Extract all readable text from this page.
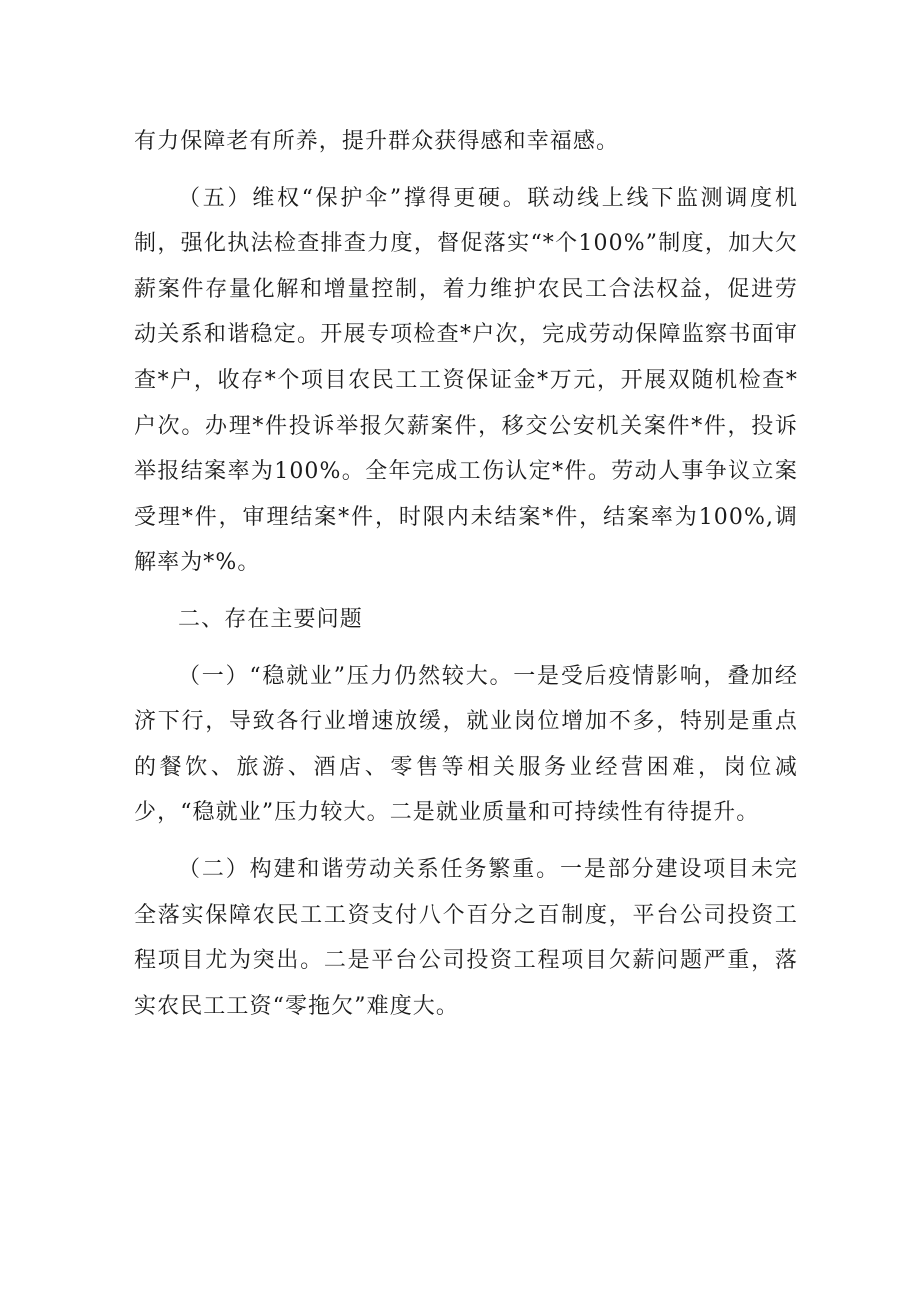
有力保障老有所养，提升群众获得感和幸福感。

（五）维权“保护伞”撑得更硬。联动线上线下监测调度机制，强化执法检查排查力度，督促落实“*个100%”制度，加大欠薪案件存量化解和增量控制，着力维护农民工合法权益，促进劳动关系和谐稳定。开展专项检查*户次，完成劳动保障监察书面审查*户，收存*个项目农民工工资保证金*万元，开展双随机检查*户次。办理*件投诉举报欠薪案件，移交公安机关案件*件，投诉举报结案率为100%。全年完成工伤认定*件。劳动人事争议立案受理*件，审理结案*件，时限内未结案*件，结案率为100%,调解率为*%。

二、存在主要问题

（一）“稳就业”压力仍然较大。一是受后疫情影响，叠加经济下行，导致各行业增速放缓，就业岗位增加不多，特别是重点的餐饮、旅游、酒店、零售等相关服务业经营困难，岗位减少，“稳就业”压力较大。二是就业质量和可持续性有待提升。

（二）构建和谐劳动关系任务繁重。一是部分建设项目未完全落实保障农民工工资支付八个百分之百制度，平台公司投资工程项目尤为突出。二是平台公司投资工程项目欠薪问题严重，落实农民工工资“零拖欠”难度大。
